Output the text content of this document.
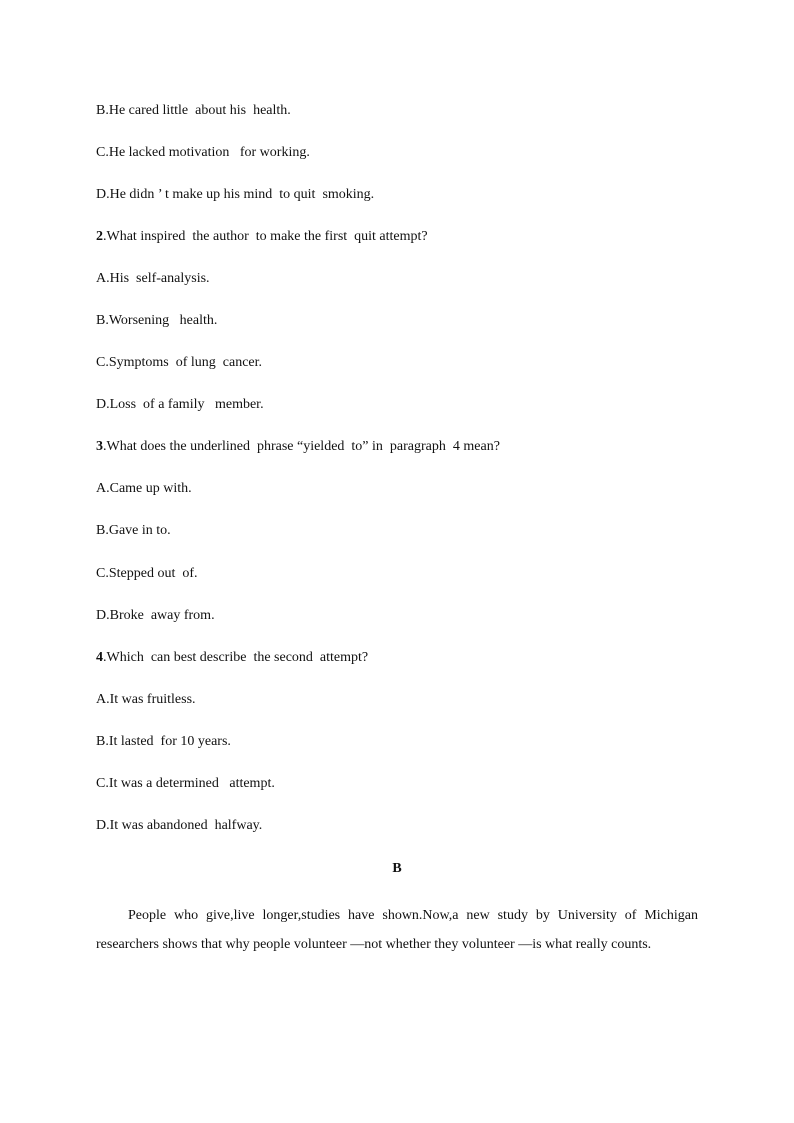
B.He cared little  about his  health.
C.He lacked motivation   for working.
D.He didn ’ t make up his mind  to quit  smoking.
2.What inspired  the author  to make the first  quit attempt?
A.His  self-analysis.
B.Worsening   health.
C.Symptoms  of lung  cancer.
D.Loss  of a family   member.
3.What does the underlined  phrase “yielded  to” in  paragraph  4 mean?
A.Came up with.
B.Gave in to.
C.Stepped out  of.
D.Broke  away from.
4.Which  can best describe  the second  attempt?
A.It was fruitless.
B.It lasted  for 10 years.
C.It was a determined   attempt.
D.It was abandoned  halfway.
B
People who give,live longer,studies have shown.Now,a new study by University of Michigan researchers shows that why people volunteer —not whether they volunteer —is what really counts.
